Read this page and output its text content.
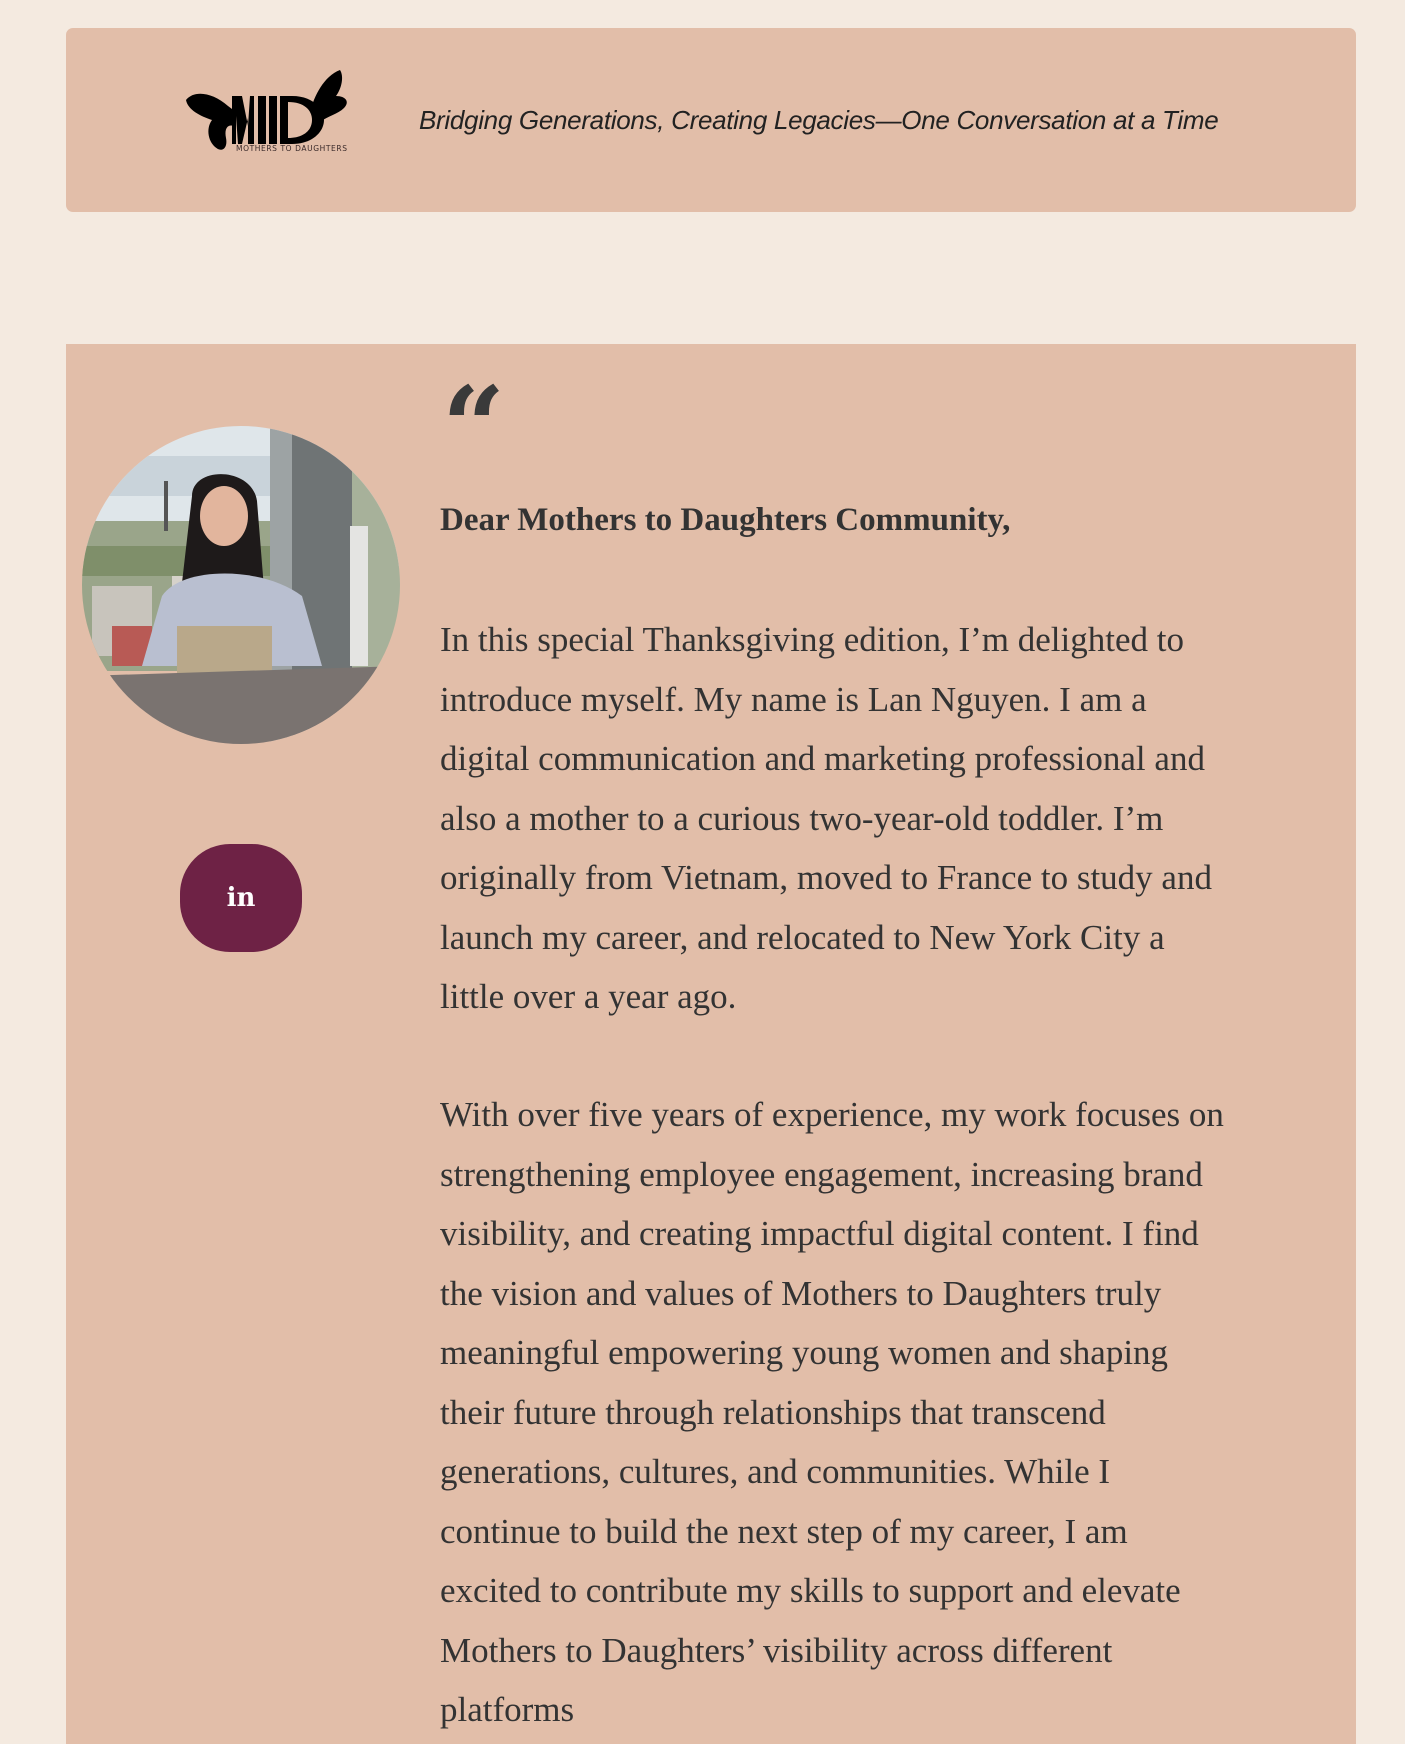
MOTHERS TO DAUGHTERS
Bridging Generations, Creating Legacies—One Conversation at a Time
in
“
Dear Mothers to Daughters Community,
In this special Thanksgiving edition, I’m delighted to
introduce myself. My name is Lan Nguyen. I am a
digital communication and marketing professional and
also a mother to a curious two-year-old toddler. I’m
originally from Vietnam, moved to France to study and
launch my career, and relocated to New York City a
little over a year ago.
With over five years of experience, my work focuses on
strengthening employee engagement, increasing brand
visibility, and creating impactful digital content. I find
the vision and values of Mothers to Daughters truly
meaningful empowering young women and shaping
their future through relationships that transcend
generations, cultures, and communities. While I
continue to build the next step of my career, I am
excited to contribute my skills to support and elevate
Mothers to Daughters’ visibility across different
platforms
